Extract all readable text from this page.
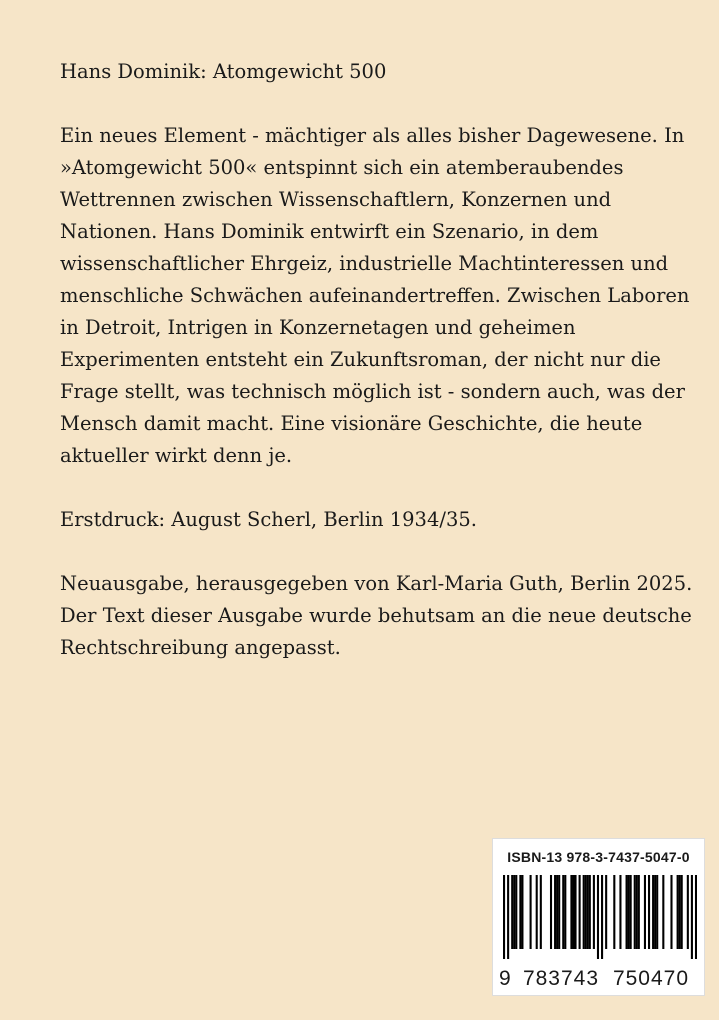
Hans Dominik: Atomgewicht 500

Ein neues Element - mächtiger als alles bisher Dagewesene. In »Atomgewicht 500« entspinnt sich ein atemberaubendes Wettrennen zwischen Wissenschaftlern, Konzernen und Nationen. Hans Dominik entwirft ein Szenario, in dem wissenschaftlicher Ehrgeiz, industrielle Machtinteressen und menschliche Schwächen aufeinandertreffen. Zwischen Laboren in Detroit, Intrigen in Konzernetagen und geheimen Experimenten entsteht ein Zukunftsroman, der nicht nur die Frage stellt, was technisch möglich ist - sondern auch, was der Mensch damit macht. Eine visionäre Geschichte, die heute aktueller wirkt denn je.

Erstdruck: August Scherl, Berlin 1934/35.

Neuausgabe, herausgegeben von Karl-Maria Guth, Berlin 2025. Der Text dieser Ausgabe wurde behutsam an die neue deutsche Rechtschreibung angepasst.

ISBN-13 978-3-7437-5047-0
9 783743 750470
